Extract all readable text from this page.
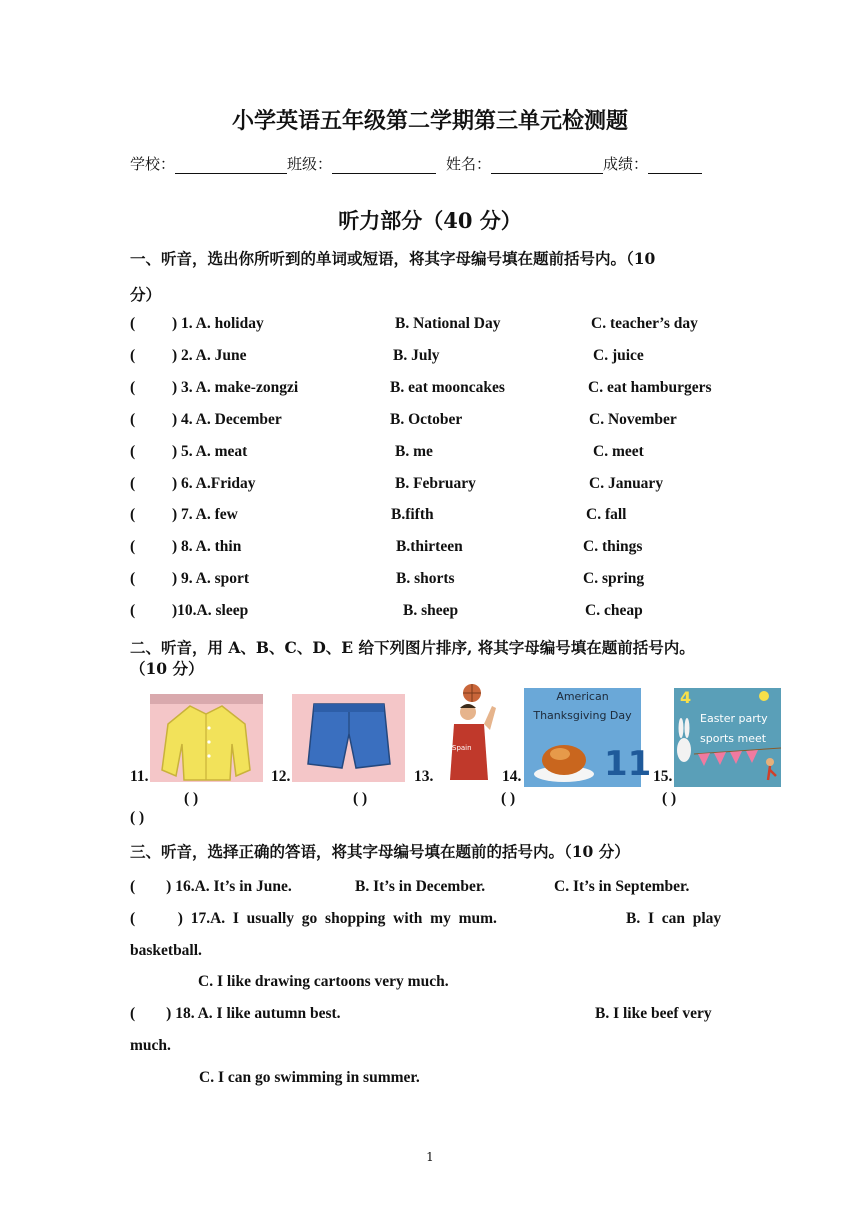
小学英语五年级第二学期第三单元检测题
学校：	班级：	姓名：	成绩：
听力部分（40 分）
一、听音，选出你所听到的单词或短语，将其字母编号填在题前括号内。（10
分）
( ) 1. A. holiday	B. National Day	C. teacher’s day
( ) 2. A. June	B. July	C. juice
( ) 3. A. make-zongzi	B. eat mooncakes	C. eat hamburgers
( ) 4. A. December	B. October	C. November
( ) 5. A. meat	B. me	C. meet
( ) 6. A.Friday	B. February	C. January
( ) 7. A. few	B.fifth	C. fall
( ) 8. A. thin	B.thirteen	C. things
( ) 9. A. sport	B. shorts	C. spring
( )10.A. sleep	B. sheep	C. cheap
二、听音，用 A、B、C、D、E 给下列图片排序, 将其字母编号填在题前括号内。
（10 分）
11.	12.
Spain
13.
American
Thanksgiving Day
11
14.
4
Easter party
sports meet
15.
( )	( )	( )	( )
( )
三、听音，选择正确的答语，将其字母编号填在题前的括号内。（10 分）
(        ) 16.A. It’s in June.	B. It’s in December.	C. It’s in September.
(           )  17.A.  I  usually  go  shopping  with  my  mum.	B.  I  can  play
basketball.
C. I like drawing cartoons very much.
(        ) 18. A. I like autumn best.	B. I like beef very
much.
C. I can go swimming in summer.
1
